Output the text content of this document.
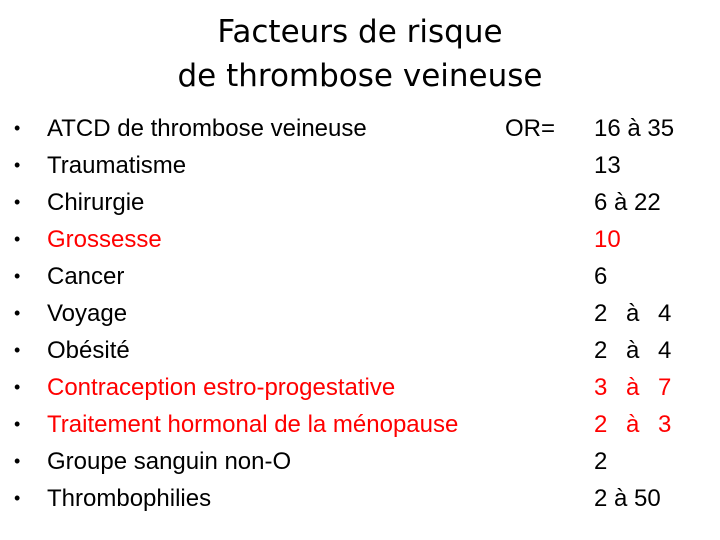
Facteurs de risque
de thrombose veineuse
• ATCD de thrombose veineuse	OR= 16 à 35
• Traumatisme	13
• Chirurgie	6 à 22
• Grossesse	10
• Cancer	6
• Voyage	2 à 4
• Obésité	2 à 4
• Contraception estro-progestative	3 à 7
• Traitement hormonal de la ménopause	2 à 3
• Groupe sanguin non-O	2
• Thrombophilies	2 à 50
